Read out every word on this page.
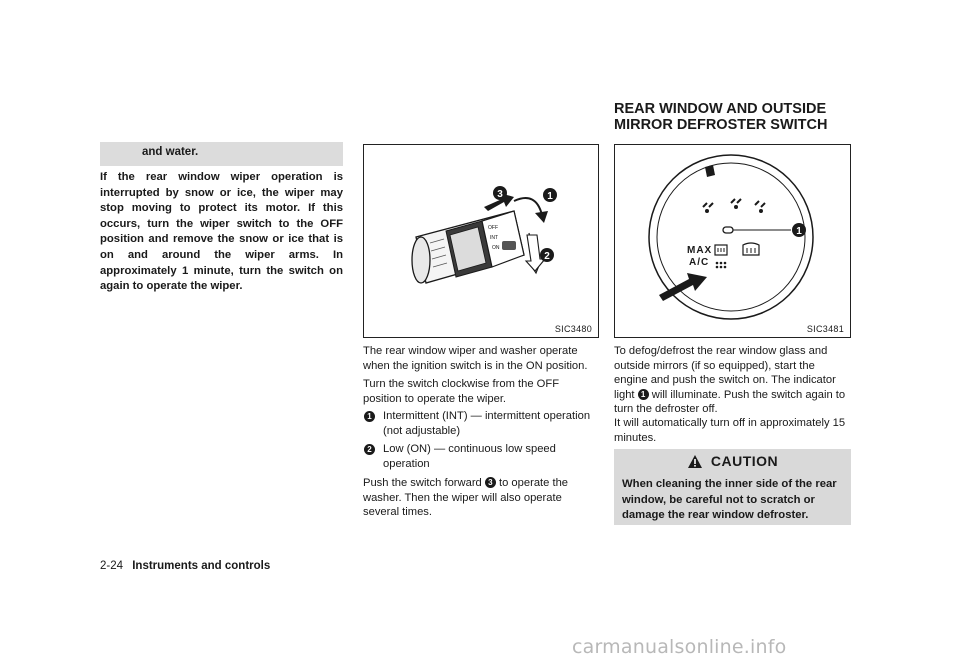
and water.
If the rear window wiper operation is interrupted by snow or ice, the wiper may stop moving to protect its motor. If this occurs, turn the wiper switch to the OFF position and remove the snow or ice that is on and around the wiper arms. In approximately 1 minute, turn the switch on again to operate the wiper.
3	1
2
OFF
INT
ON
SIC3480
1
MAX
A/C
SIC3481

The rear window wiper and washer operate when the ignition switch is in the ON position.

Turn the switch clockwise from the OFF position to operate the wiper.

1 Intermittent (INT) — intermittent operation (not adjustable)
2 Low (ON) — continuous low speed operation

Push the switch forward 3 to operate the washer. Then the wiper will also operate several times.

REAR WINDOW AND OUTSIDE
MIRROR DEFROSTER SWITCH

To defog/defrost the rear window glass and outside mirrors (if so equipped), start the engine and push the switch on. The indicator light 1 will illuminate. Push the switch again to turn the defroster off.

It will automatically turn off in approximately 15 minutes.

CAUTION
When cleaning the inner side of the rear window, be careful not to scratch or damage the rear window defroster.
2-24 Instruments and controls
carmanualsonline.info
